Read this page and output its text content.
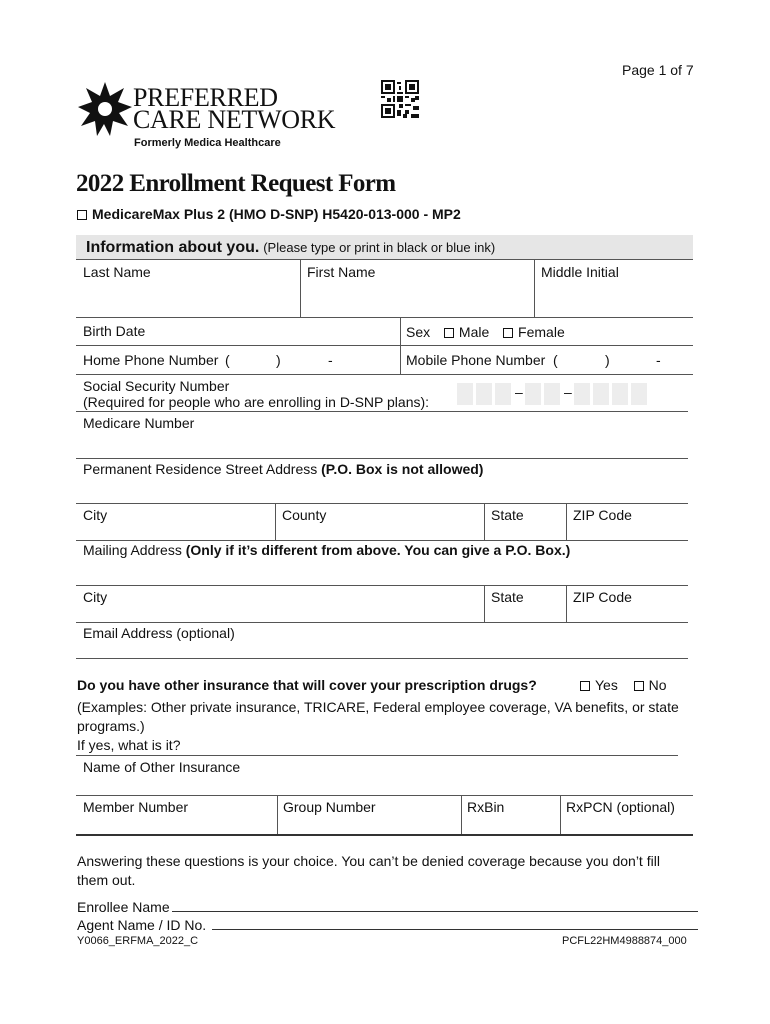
Page 1 of 7
PREFERRED
CARE NETWORK
Formerly Medica Healthcare
2022 Enrollment Request Form
MedicareMax Plus 2 (HMO D-SNP) H5420-013-000 - MP2
Information about you. (Please type or print in black or blue ink)
Last Name	First Name	Middle Initial
Birth Date	Sex Male Female
Home Phone Number (	)	-	Mobile Phone Number (	)	-
Social Security Number
(Required for people who are enrolling in D-SNP plans):
–	–
Medicare Number
Permanent Residence Street Address (P.O. Box is not allowed)
City	County	State	ZIP Code
Mailing Address (Only if it’s different from above. You can give a P.O. Box.)
City	State	ZIP Code
Email Address (optional)
Do you have other insurance that will cover your prescription drugs?	Yes No
(Examples: Other private insurance, TRICARE, Federal employee coverage, VA benefits, or state
programs.)
If yes, what is it?
Name of Other Insurance
Member Number	Group Number	RxBin	RxPCN (optional)
Answering these questions is your choice. You can’t be denied coverage because you don’t fill
them out.
Enrollee Name
Agent Name / ID No.
Y0066_ERFMA_2022_C	PCFL22HM4988874_000
